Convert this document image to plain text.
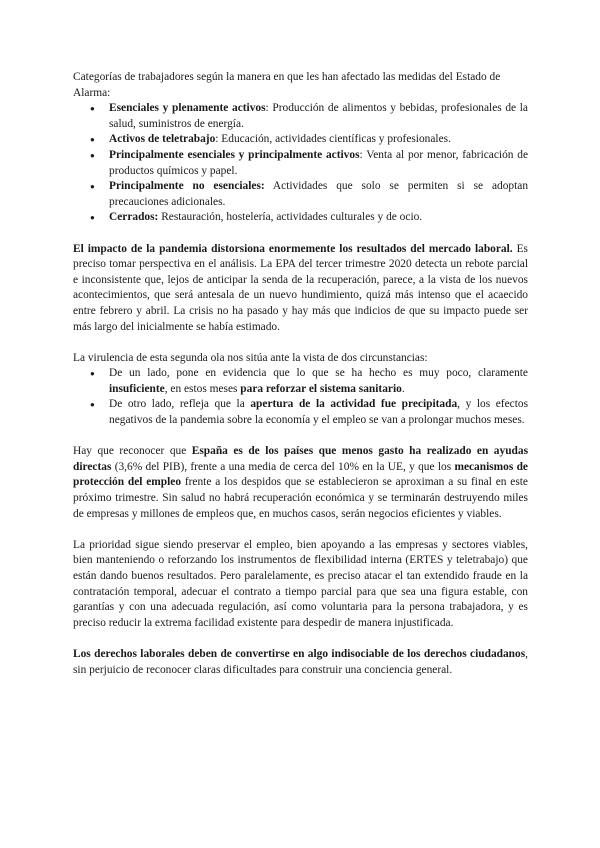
Categorías de trabajadores según la manera en que les han afectado las medidas del Estado de Alarma:

● Esenciales y plenamente activos: Producción de alimentos y bebidas, profesionales de la salud, suministros de energía.
● Activos de teletrabajo: Educación, actividades científicas y profesionales.
● Principalmente esenciales y principalmente activos: Venta al por menor, fabricación de productos químicos y papel.
● Principalmente no esenciales: Actividades que solo se permiten si se adoptan precauciones adicionales.
● Cerrados: Restauración, hostelería, actividades culturales y de ocio.

El impacto de la pandemia distorsiona enormemente los resultados del mercado laboral. Es preciso tomar perspectiva en el análisis. La EPA del tercer trimestre 2020 detecta un rebote parcial e inconsistente que, lejos de anticipar la senda de la recuperación, parece, a la vista de los nuevos acontecimientos, que será antesala de un nuevo hundimiento, quizá más intenso que el acaecido entre febrero y abril. La crisis no ha pasado y hay más que indicios de que su impacto puede ser más largo del inicialmente se había estimado.

La virulencia de esta segunda ola nos sitúa ante la vista de dos circunstancias:

● De un lado, pone en evidencia que lo que se ha hecho es muy poco, claramente insuficiente, en estos meses para reforzar el sistema sanitario.
● De otro lado, refleja que la apertura de la actividad fue precipitada, y los efectos negativos de la pandemia sobre la economía y el empleo se van a prolongar muchos meses.

Hay que reconocer que España es de los países que menos gasto ha realizado en ayudas directas (3,6% del PIB), frente a una media de cerca del 10% en la UE, y que los mecanismos de protección del empleo frente a los despidos que se establecieron se aproximan a su final en este próximo trimestre. Sin salud no habrá recuperación económica y se terminarán destruyendo miles de empresas y millones de empleos que, en muchos casos, serán negocios eficientes y viables.

La prioridad sigue siendo preservar el empleo, bien apoyando a las empresas y sectores viables, bien manteniendo o reforzando los instrumentos de flexibilidad interna (ERTES y teletrabajo) que están dando buenos resultados. Pero paralelamente, es preciso atacar el tan extendido fraude en la contratación temporal, adecuar el contrato a tiempo parcial para que sea una figura estable, con garantías y con una adecuada regulación, así como voluntaria para la persona trabajadora, y es preciso reducir la extrema facilidad existente para despedir de manera injustificada.

Los derechos laborales deben de convertirse en algo indisociable de los derechos ciudadanos, sin perjuicio de reconocer claras dificultades para construir una conciencia general.
